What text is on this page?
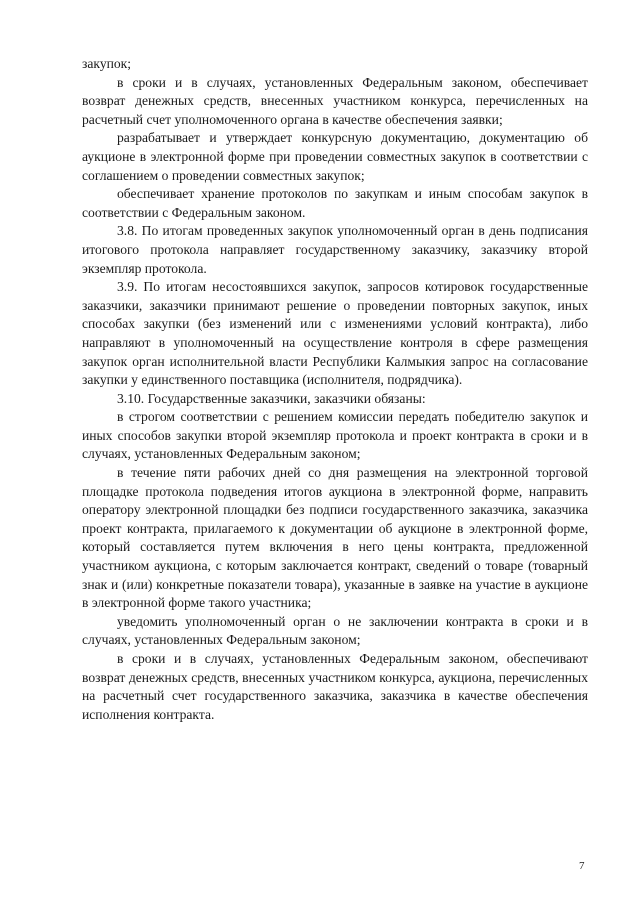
закупок;

в сроки и в случаях, установленных Федеральным законом, обеспечивает возврат денежных средств, внесенных участником конкурса, перечисленных на расчетный счет уполномоченного органа в качестве обеспечения заявки;

разрабатывает и утверждает конкурсную документацию, документацию об аукционе в электронной форме при проведении совместных закупок в соответствии с соглашением о проведении совместных закупок;

обеспечивает хранение протоколов по закупкам и иным способам закупок в соответствии с Федеральным законом.

3.8. По итогам проведенных закупок уполномоченный орган в день подписания итогового протокола направляет государственному заказчику, заказчику второй экземпляр протокола.

3.9. По итогам несостоявшихся закупок, запросов котировок государственные заказчики, заказчики принимают решение о проведении повторных закупок, иных способах закупки (без изменений или с изменениями условий контракта), либо направляют в уполномоченный на осуществление контроля в сфере размещения закупок орган исполнительной власти Республики Калмыкия запрос на согласование закупки у единственного поставщика (исполнителя, подрядчика).

3.10. Государственные заказчики, заказчики обязаны:

в строгом соответствии с решением комиссии передать победителю закупок и иных способов закупки второй экземпляр протокола и проект контракта в сроки и в случаях, установленных Федеральным законом;

в течение пяти рабочих дней со дня размещения на электронной торговой площадке протокола подведения итогов аукциона в электронной форме, направить оператору электронной площадки без подписи государственного заказчика, заказчика проект контракта, прилагаемого к документации об аукционе в электронной форме, который составляется путем включения в него цены контракта, предложенной участником аукциона, с которым заключается контракт, сведений о товаре (товарный знак и (или) конкретные показатели товара), указанные в заявке на участие в аукционе в электронной форме такого участника;

уведомить уполномоченный орган о не заключении контракта в сроки и в случаях, установленных Федеральным законом;

в сроки и в случаях, установленных Федеральным законом, обеспечивают возврат денежных средств, внесенных участником конкурса, аукциона, перечисленных на расчетный счет государственного заказчика, заказчика в качестве обеспечения исполнения контракта.

7
